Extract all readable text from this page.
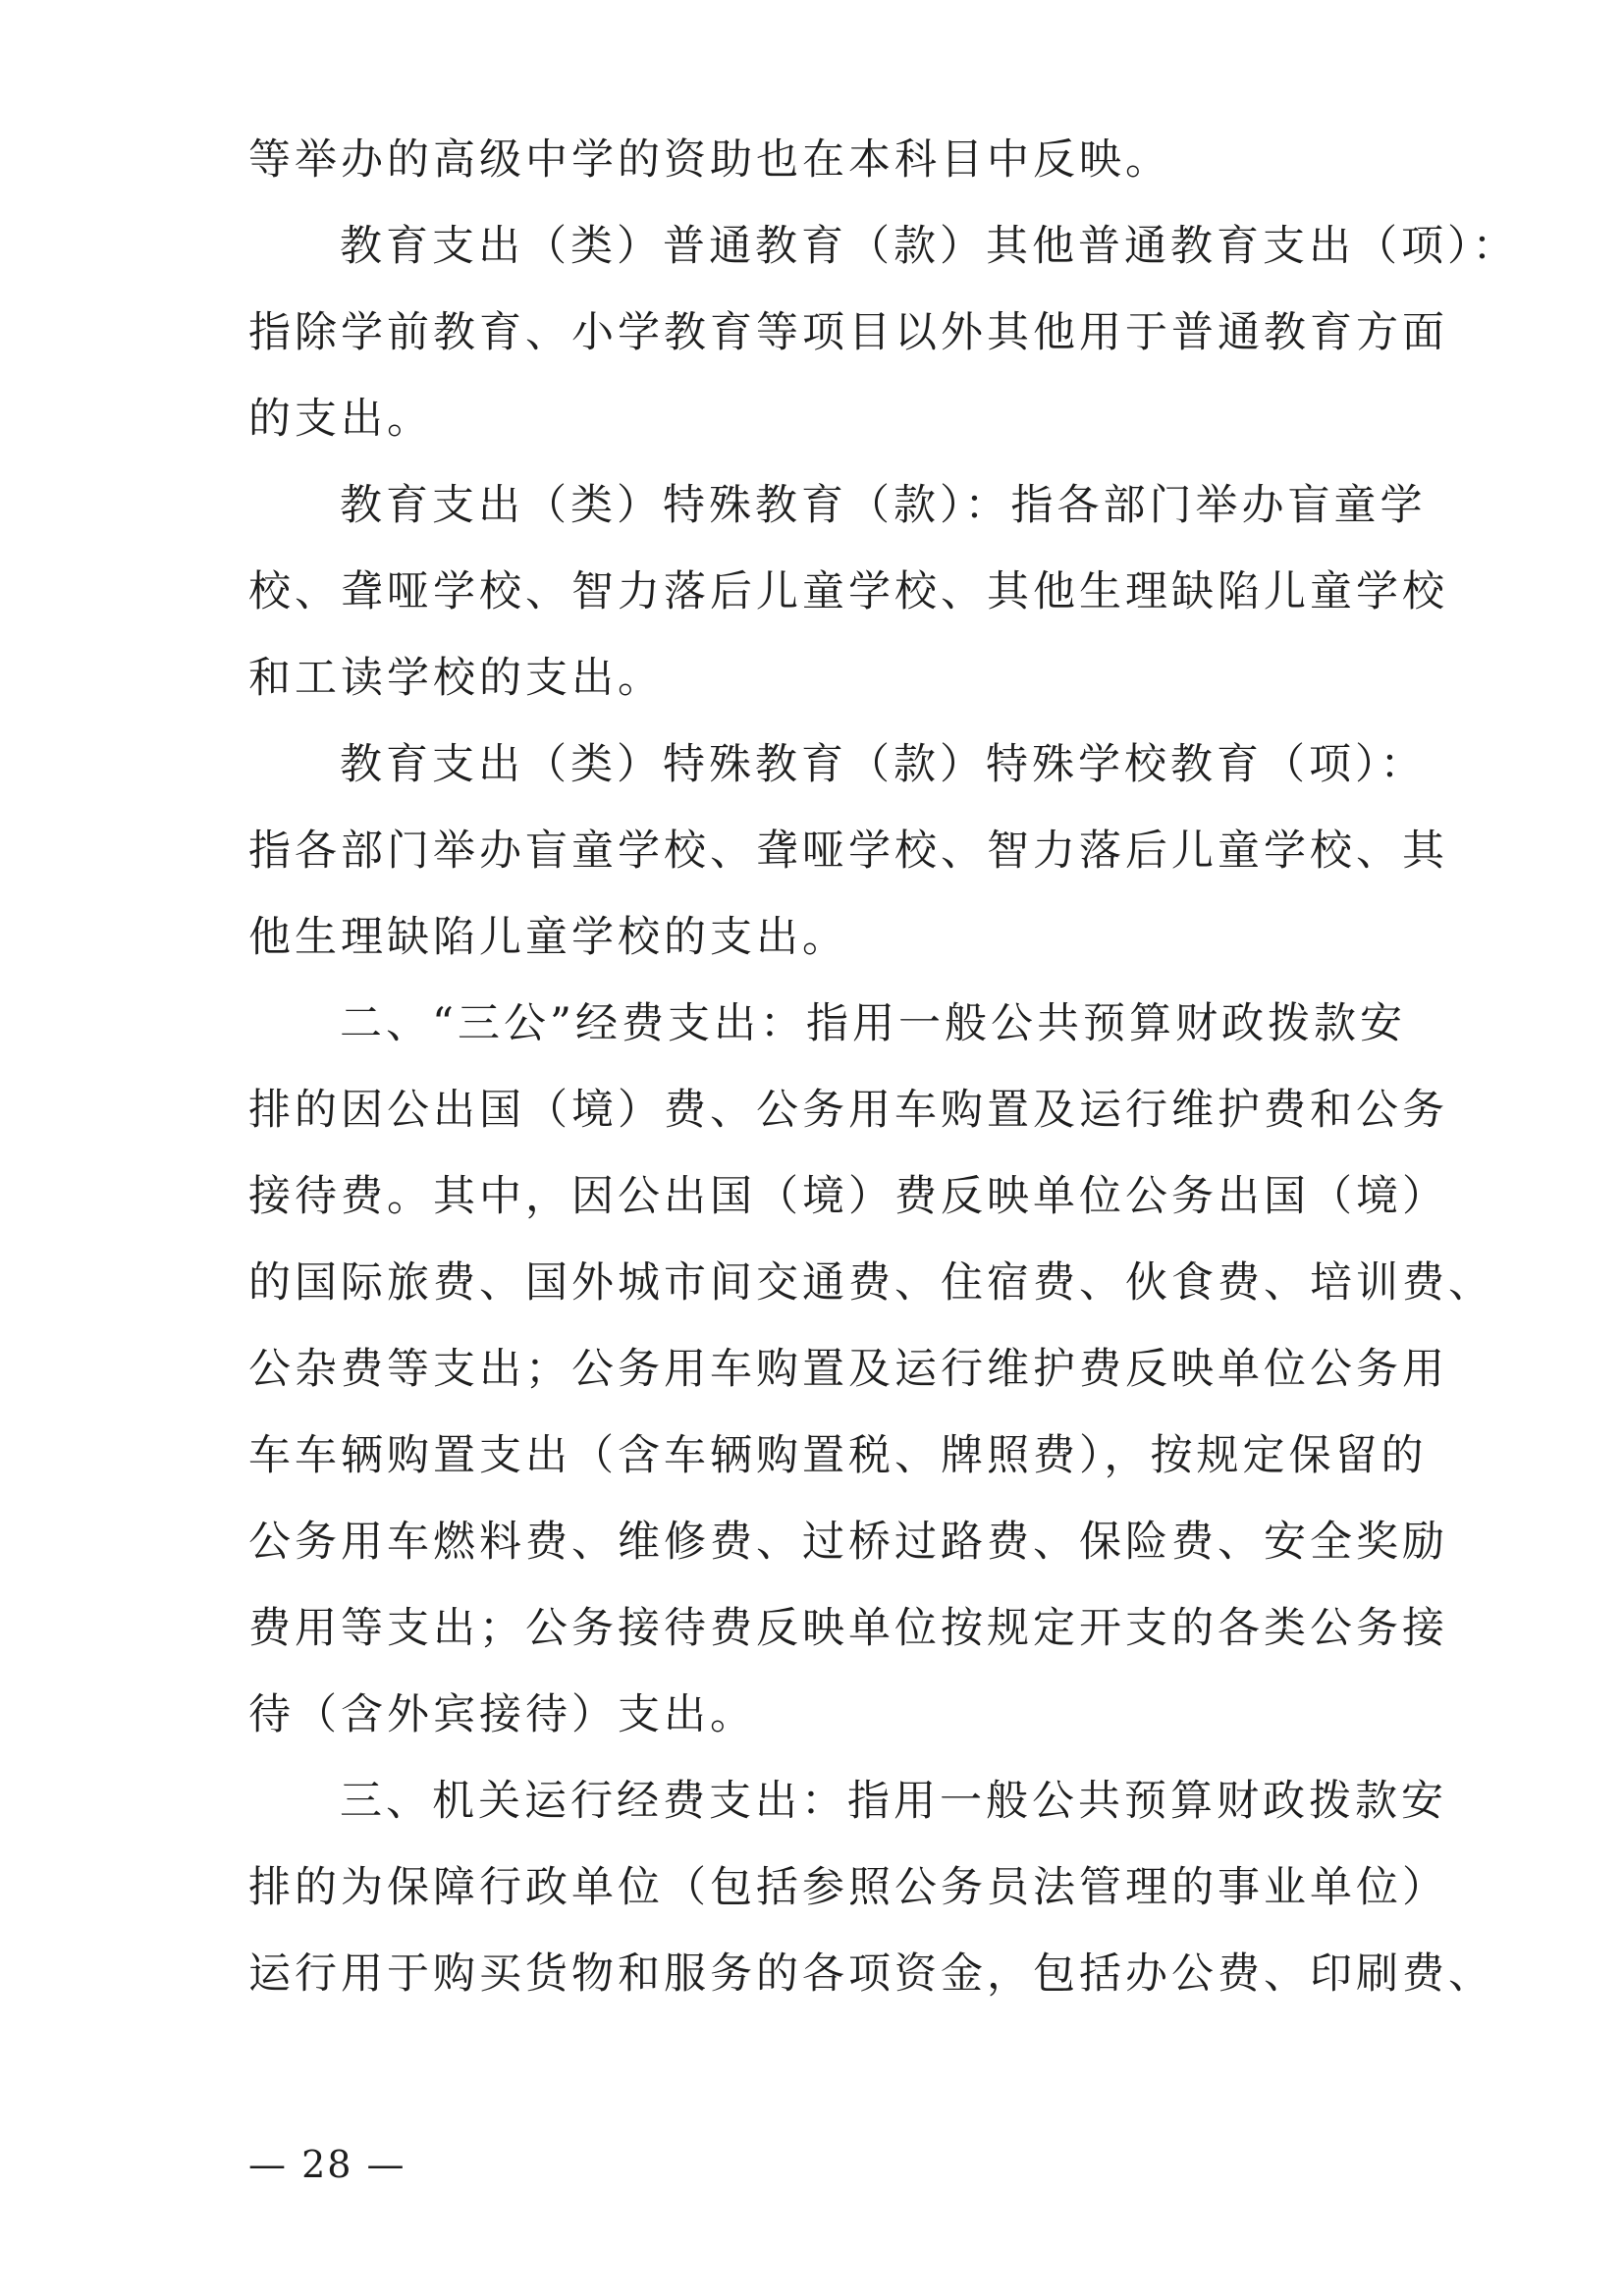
等举办的高级中学的资助也在本科目中反映。
教育支出（类）普通教育（款）其他普通教育支出（项）：
指除学前教育、小学教育等项目以外其他用于普通教育方面
的支出。
教育支出（类）特殊教育（款）：指各部门举办盲童学
校、聋哑学校、智力落后儿童学校、其他生理缺陷儿童学校
和工读学校的支出。
教育支出（类）特殊教育（款）特殊学校教育（项）：
指各部门举办盲童学校、聋哑学校、智力落后儿童学校、其
他生理缺陷儿童学校的支出。
二、“三公”经费支出：指用一般公共预算财政拨款安
排的因公出国（境）费、公务用车购置及运行维护费和公务
接待费。其中，因公出国（境）费反映单位公务出国（境）
的国际旅费、国外城市间交通费、住宿费、伙食费、培训费、
公杂费等支出；公务用车购置及运行维护费反映单位公务用
车车辆购置支出（含车辆购置税、牌照费），按规定保留的
公务用车燃料费、维修费、过桥过路费、保险费、安全奖励
费用等支出；公务接待费反映单位按规定开支的各类公务接
待（含外宾接待）支出。
三、机关运行经费支出：指用一般公共预算财政拨款安
排的为保障行政单位（包括参照公务员法管理的事业单位）
运行用于购买货物和服务的各项资金，包括办公费、印刷费、
— 28 —
